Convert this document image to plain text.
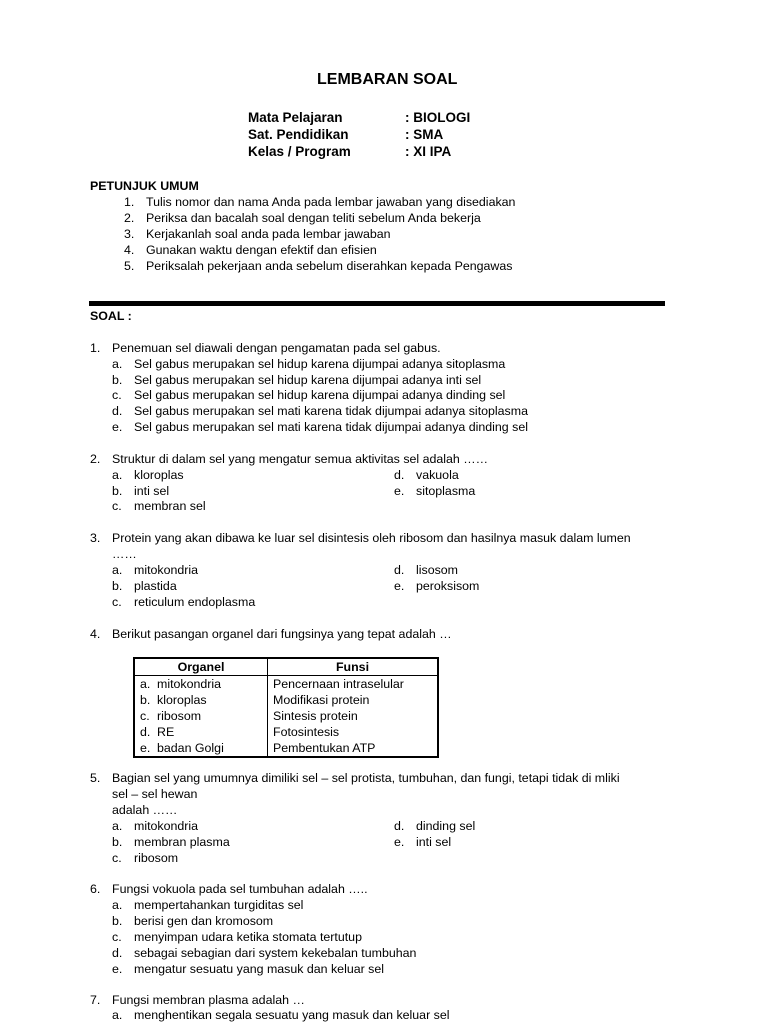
LEMBARAN SOAL
Mata Pelajaran	: BIOLOGI
Sat. Pendidikan	: SMA
Kelas / Program	: XI IPA
PETUNJUK UMUM
1. Tulis nomor dan nama Anda pada lembar jawaban yang disediakan
2. Periksa dan bacalah soal dengan teliti sebelum Anda bekerja
3. Kerjakanlah soal anda pada lembar jawaban
4. Gunakan waktu dengan efektif dan efisien
5. Periksalah pekerjaan anda sebelum diserahkan kepada Pengawas
SOAL :
1. Penemuan sel diawali dengan pengamatan pada sel gabus.
a. Sel gabus merupakan sel hidup karena dijumpai adanya sitoplasma
b. Sel gabus merupakan sel hidup karena dijumpai adanya inti sel
c. Sel gabus merupakan sel hidup karena dijumpai adanya dinding sel
d. Sel gabus merupakan sel mati karena tidak dijumpai adanya sitoplasma
e. Sel gabus merupakan sel mati karena tidak dijumpai adanya dinding sel
2. Struktur di dalam sel yang mengatur semua aktivitas sel adalah ……
a. kloroplas
b. inti sel
c. membran sel
d. vakuola
e. sitoplasma
3. Protein yang akan dibawa ke luar sel disintesis oleh ribosom dan hasilnya masuk dalam lumen
……
a. mitokondria
b. plastida
c. reticulum endoplasma
d. lisosom
e. peroksisom
4. Berikut pasangan organel dari fungsinya yang tepat adalah …
Organel	Funsi
a. mitokondria	Pencernaan intraselular
b. kloroplas	Modifikasi protein
c. ribosom	Sintesis protein
d. RE	Fotosintesis
e. badan Golgi	Pembentukan ATP
5. Bagian sel yang umumnya dimiliki sel – sel protista, tumbuhan, dan fungi, tetapi tidak di mliki
sel – sel hewan
adalah ……
a. mitokondria
b. membran plasma
c. ribosom
d. dinding sel
e. inti sel
6. Fungsi vokuola pada sel tumbuhan adalah …..
a. mempertahankan turgiditas sel
b. berisi gen dan kromosom
c. menyimpan udara ketika stomata tertutup
d. sebagai sebagian dari system kekebalan tumbuhan
e. mengatur sesuatu yang masuk dan keluar sel
7. Fungsi membran plasma adalah …
a. menghentikan segala sesuatu yang masuk dan keluar sel
